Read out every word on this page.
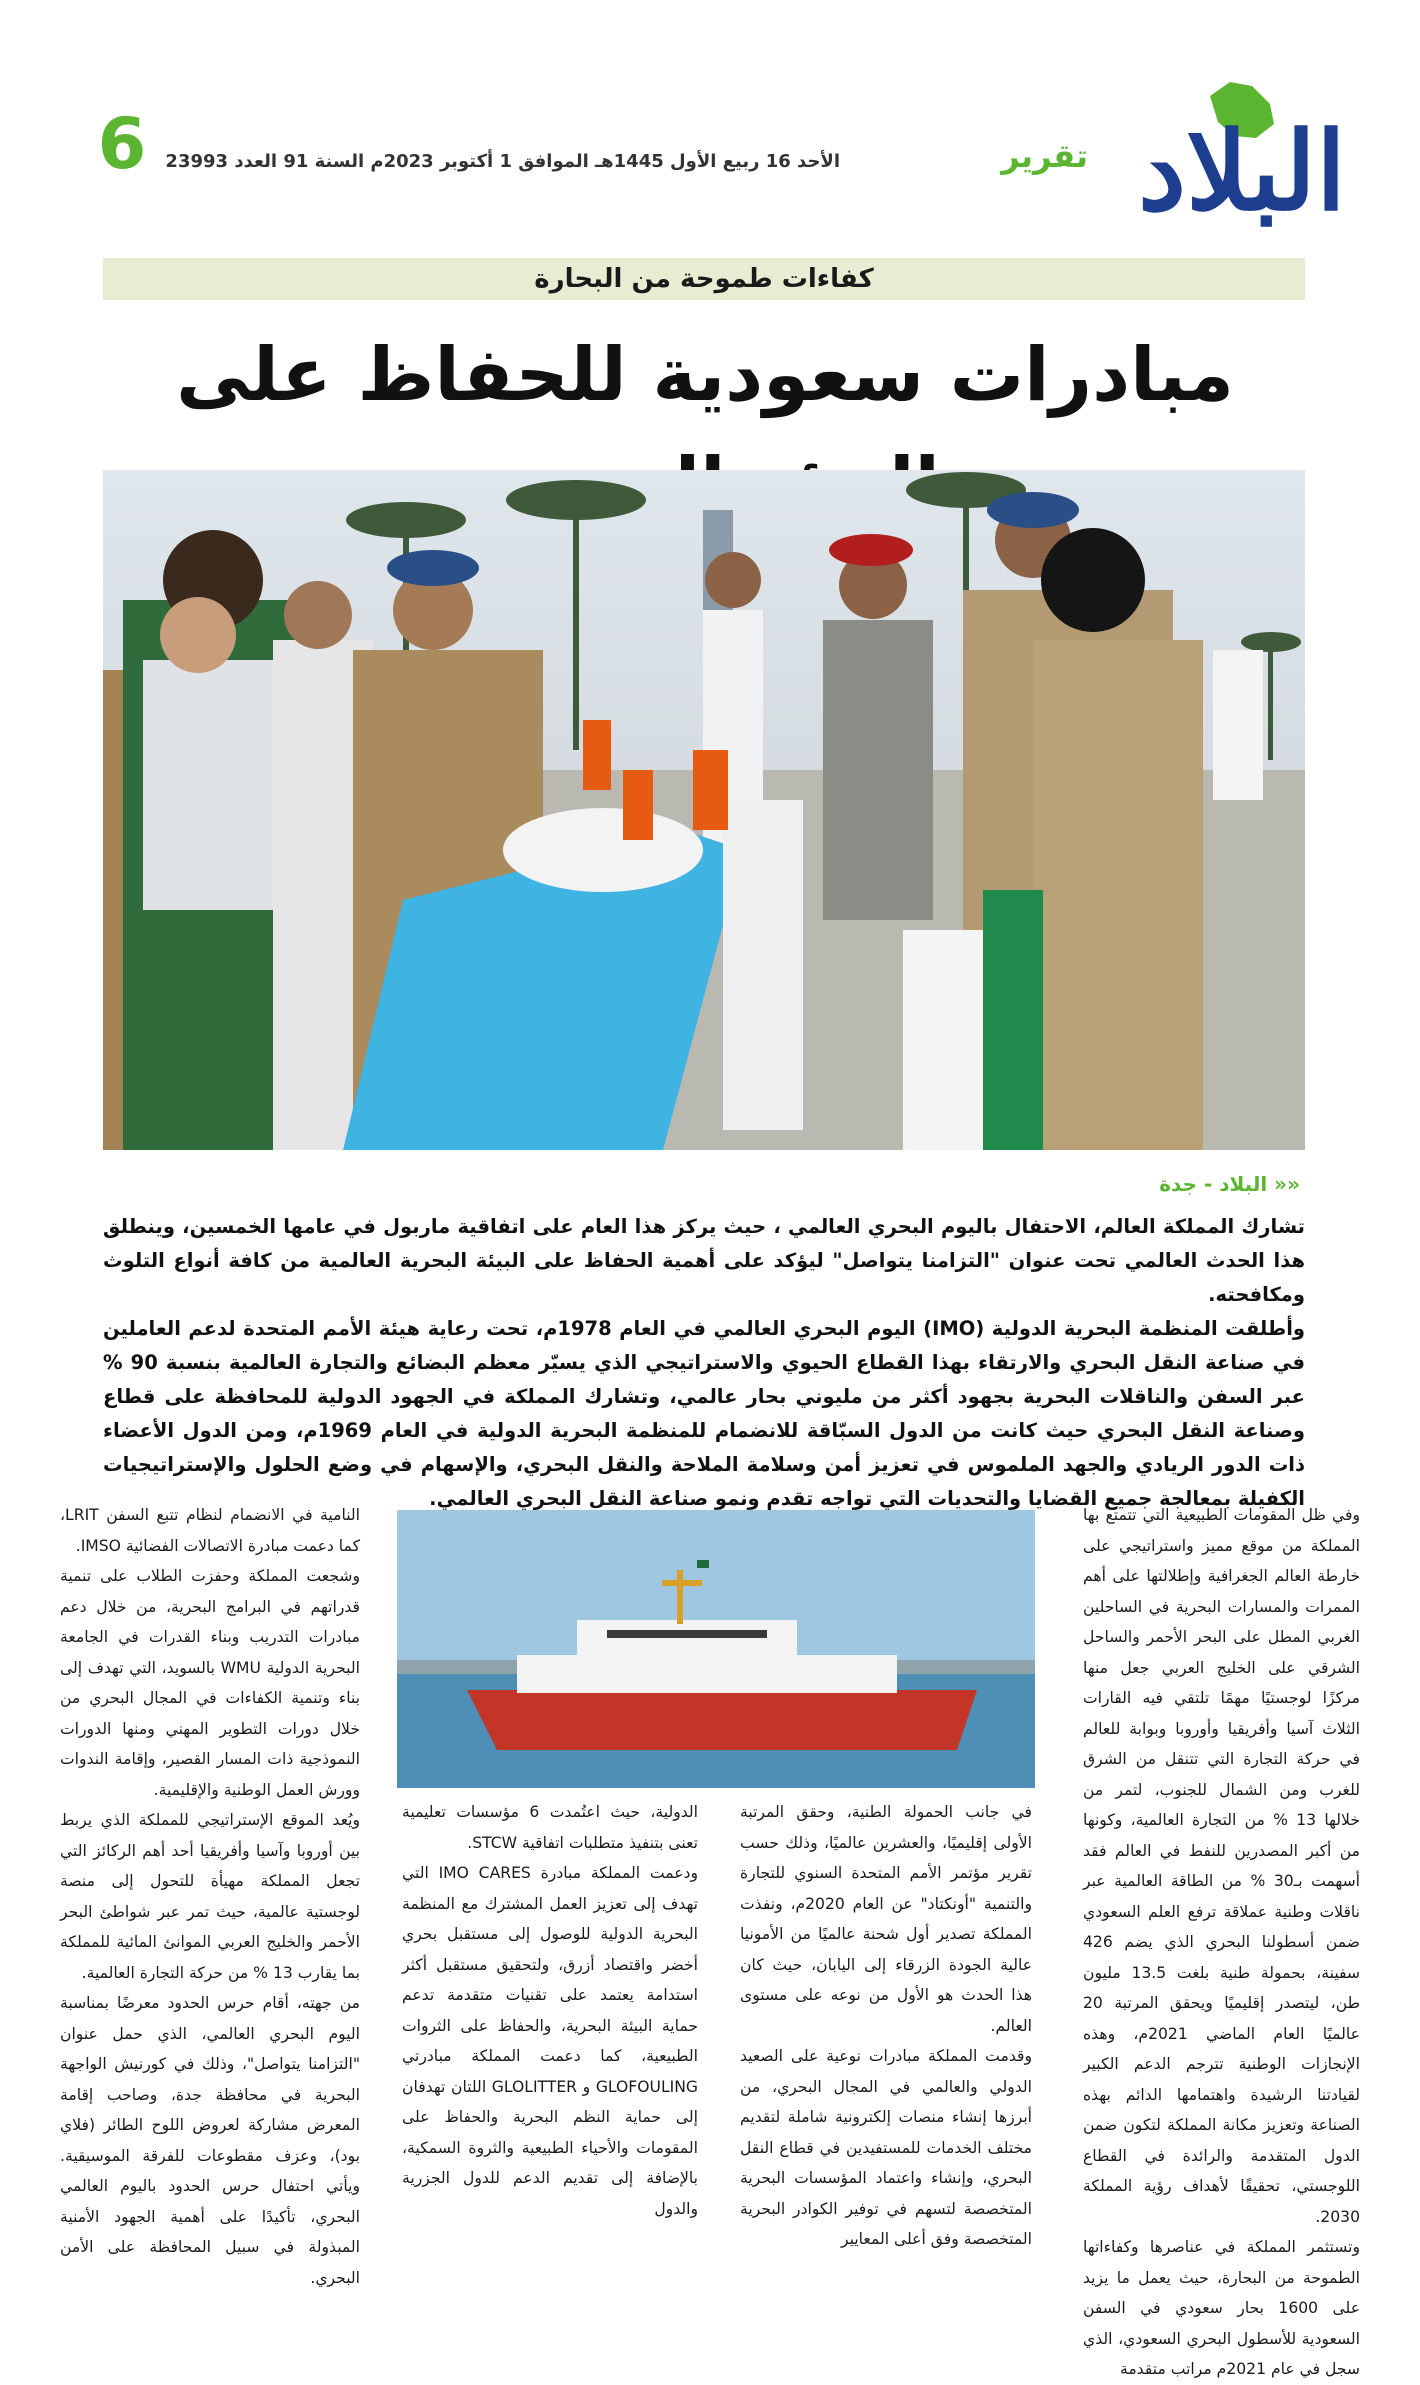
6	الأحد 16 ربيع الأول 1445هـ الموافق 1 أكتوبر 2023م السنة 91 العدد 23993	تقرير البلاد
كفاءات طموحة من البحارة
مبادرات سعودية للحفاظ على
«« البلاد - جدة

تشارك المملكة العالم، الاحتفال باليوم البحري العالمي ، حيث يركز هذا العام على اتفاقية ماربول في عامها الخمسين، وينطلق هذا الحدث العالمي تحت عنوان "التزامنا يتواصل" ليؤكد على أهمية الحفاظ على البيئة البحرية العالمية من كافة أنواع التلوث ومكافحته.

وأطلقت المنظمة البحرية الدولية (IMO) اليوم البحري العالمي في العام 1978م، تحت رعاية هيئة الأمم المتحدة لدعم العاملين في صناعة النقل البحري والارتقاء بهذا القطاع الحيوي والاستراتيجي الذي يسيّر معظم البضائع والتجارة العالمية بنسبة 90 % عبر السفن والناقلات البحرية بجهود أكثر من مليوني بحار عالمي، وتشارك المملكة في الجهود الدولية للمحافظة على قطاع وصناعة النقل البحري حيث كانت من الدول السبّاقة للانضمام للمنظمة البحرية الدولية في العام 1969م، ومن الدول الأعضاء ذات الدور الريادي والجهد الملموس في تعزيز أمن وسلامة الملاحة والنقل البحري، والإسهام في وضع الحلول والإستراتيجيات الكفيلة بمعالجة جميع القضايا والتحديات التي تواجه تقدم ونمو صناعة النقل البحري العالمي.

وفي ظل المقومات الطبيعية التي تتمتع بها المملكة من موقع مميز واستراتيجي على خارطة العالم الجغرافية وإطلالتها على أهم الممرات والمسارات البحرية في الساحلين الغربي المطل على البحر الأحمر والساحل الشرقي على الخليج العربي جعل منها مركزًا لوجستيًا مهمًا تلتقي فيه القارات الثلاث آسيا وأفريقيا وأوروبا وبوابة للعالم في حركة التجارة التي تتنقل من الشرق للغرب ومن الشمال للجنوب، لتمر من خلالها 13 % من التجارة العالمية، وكونها من أكبر المصدرين للنفط في العالم فقد أسهمت بـ30 % من الطاقة العالمية عبر ناقلات وطنية عملاقة ترفع العلم السعودي ضمن أسطولنا البحري الذي يضم 426 سفينة، بحمولة طنية بلغت 13.5 مليون طن، ليتصدر إقليميًا ويحقق المرتبة 20 عالميًا العام الماضي 2021م، وهذه الإنجازات الوطنية تترجم الدعم الكبير لقيادتنا الرشيدة واهتمامها الدائم بهذه الصناعة وتعزيز مكانة المملكة لتكون ضمن الدول المتقدمة والرائدة في القطاع اللوجستي، تحقيقًا لأهداف رؤية المملكة 2030.

وتستثمر المملكة في عناصرها وكفاءاتها الطموحة من البحارة، حيث يعمل ما يزيد على 1600 بحار سعودي في السفن السعودية للأسطول البحري السعودي، الذي سجل في عام 2021م مراتب متقدمة

في جانب الحمولة الطنية، وحقق المرتبة الأولى إقليميًا، والعشرين عالميًا، وذلك حسب تقرير مؤتمر الأمم المتحدة السنوي للتجارة والتنمية "أونكتاد" عن العام 2020م، ونفذت المملكة تصدير أول شحنة عالميًا من الأمونيا عالية الجودة الزرقاء إلى اليابان، حيث كان هذا الحدث هو الأول من نوعه على مستوى العالم.

وقدمت المملكة مبادرات نوعية على الصعيد الدولي والعالمي في المجال البحري، من أبرزها إنشاء منصات إلكترونية شاملة لتقديم مختلف الخدمات للمستفيدين في قطاع النقل البحري، وإنشاء واعتماد المؤسسات البحرية المتخصصة لتسهم في توفير الكوادر البحرية المتخصصة وفق أعلى المعايير

الدولية، حيث اعتُمدت 6 مؤسسات تعليمية تعنى بتنفيذ متطلبات اتفاقية STCW.

ودعمت المملكة مبادرة IMO CARES التي تهدف إلى تعزيز العمل المشترك مع المنظمة البحرية الدولية للوصول إلى مستقبل بحري أخضر واقتصاد أزرق، ولتحقيق مستقبل أكثر استدامة يعتمد على تقنيات متقدمة تدعم حماية البيئة البحرية، والحفاظ على الثروات الطبيعية، كما دعمت المملكة مبادرتي GLOFOULING و GLOLITTER اللتان تهدفان إلى حماية النظم البحرية والحفاظ على المقومات والأحياء الطبيعية والثروة السمكية، بالإضافة إلى تقديم الدعم للدول الجزرية والدول

النامية في الانضمام لنظام تتبع السفن LRIT، كما دعمت مبادرة الاتصالات الفضائية IMSO.

وشجعت المملكة وحفزت الطلاب على تنمية قدراتهم في البرامج البحرية، من خلال دعم مبادرات التدريب وبناء القدرات في الجامعة البحرية الدولية WMU بالسويد، التي تهدف إلى بناء وتنمية الكفاءات في المجال البحري من خلال دورات التطوير المهني ومنها الدورات النموذجية ذات المسار القصير، وإقامة الندوات وورش العمل الوطنية والإقليمية.

ويُعد الموقع الإستراتيجي للمملكة الذي يربط بين أوروبا وآسيا وأفريقيا أحد أهم الركائز التي تجعل المملكة مهيأة للتحول إلى منصة لوجستية عالمية، حيث تمر عبر شواطئ البحر الأحمر والخليج العربي الموانئ المائية للمملكة بما يقارب 13 % من حركة التجارة العالمية.

من جهته، أقام حرس الحدود معرضًا بمناسبة اليوم البحري العالمي، الذي حمل عنوان "التزامنا يتواصل"، وذلك في كورنيش الواجهة البحرية في محافظة جدة، وصاحب إقامة المعرض مشاركة لعروض اللوح الطائر (فلاي بود)، وعزف مقطوعات للفرقة الموسيقية. ويأتي احتفال حرس الحدود باليوم العالمي البحري، تأكيدًا على أهمية الجهود الأمنية المبذولة في سبيل المحافظة على الأمن البحري.
